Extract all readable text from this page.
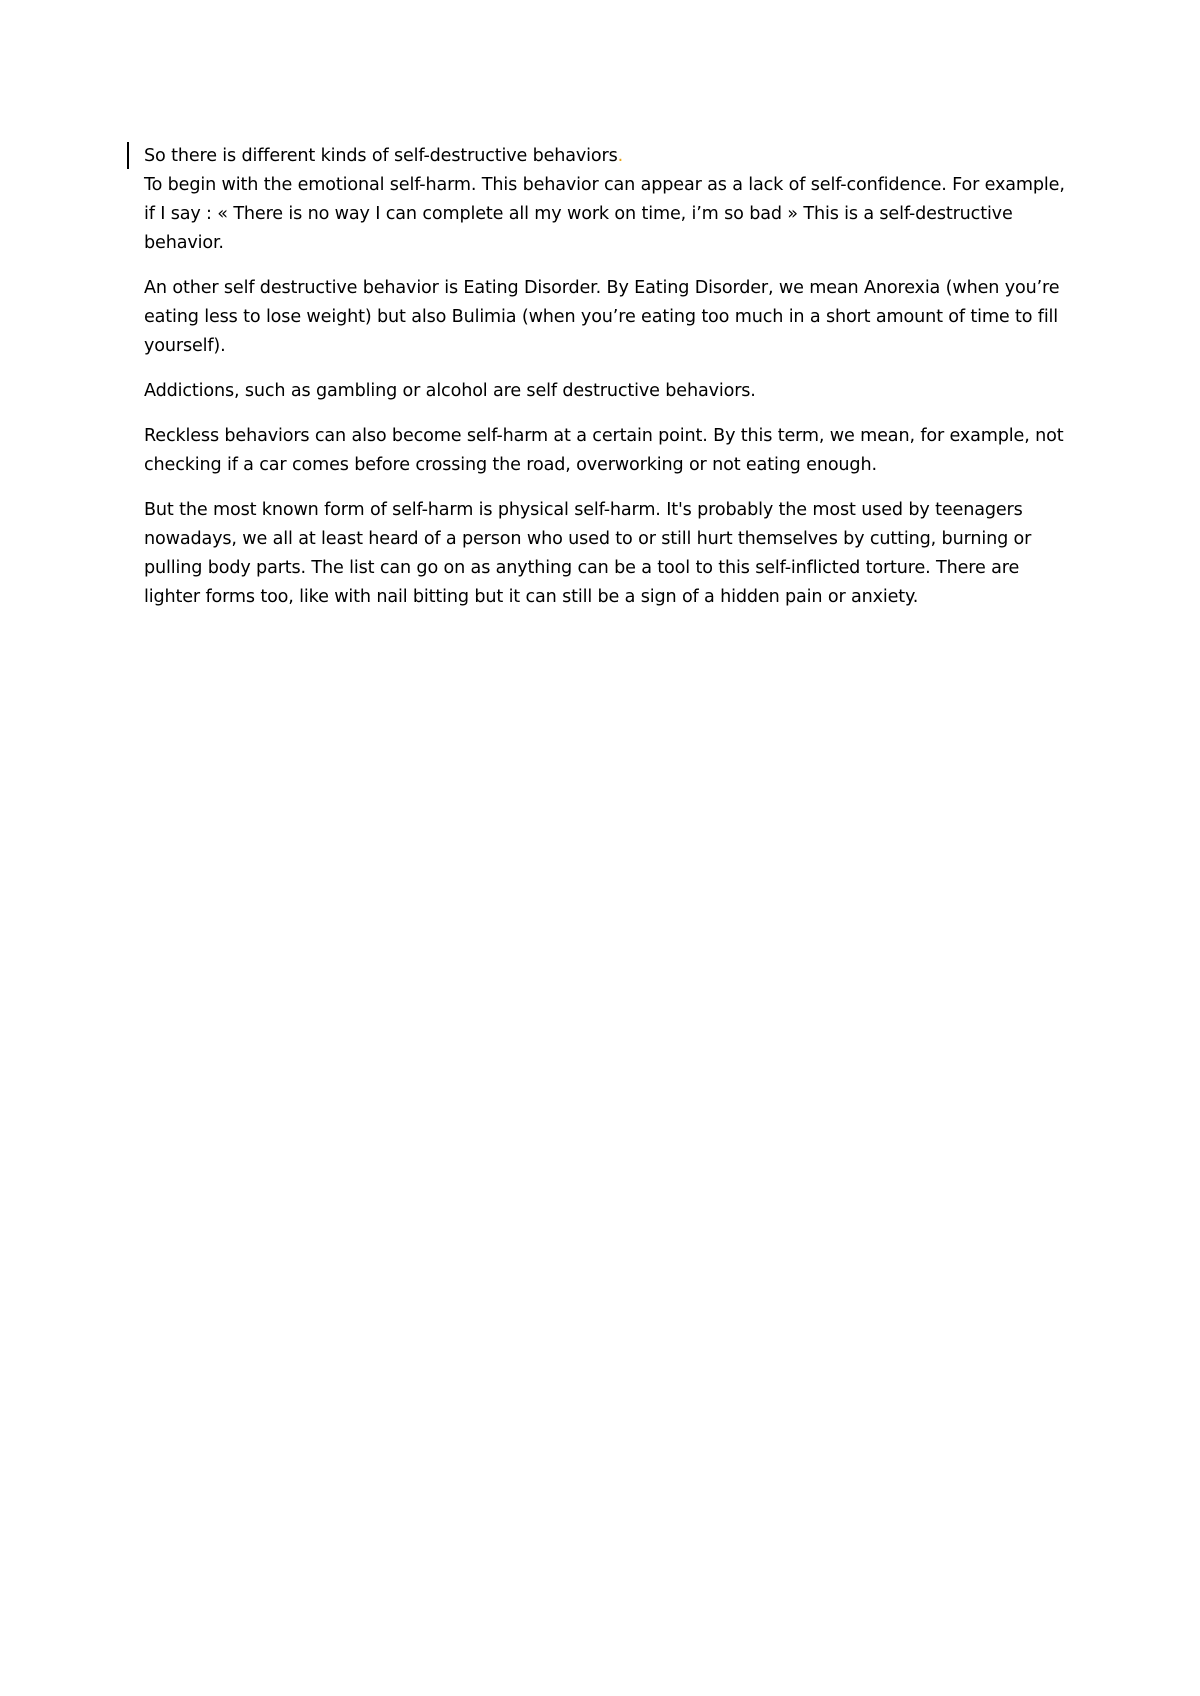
So there is different kinds of self-destructive behaviors.

To begin with the emotional self-harm. This behavior can appear as a lack of self-confidence. For example, if I say : « There is no way I can complete all my work on time, i’m so bad » This is a self-destructive behavior.

An other self destructive behavior is Eating Disorder. By Eating Disorder, we mean Anorexia (when you’re eating less to lose weight) but also Bulimia (when you’re eating too much in a short amount of time to fill yourself).

Addictions, such as gambling or alcohol are self destructive behaviors.

Reckless behaviors can also become self-harm at a certain point. By this term, we mean, for example, not checking if a car comes before crossing the road, overworking or not eating enough.

But the most known form of self-harm is physical self-harm. It's probably the most used by teenagers nowadays, we all at least heard of a person who used to or still hurt themselves by cutting, burning or pulling body parts. The list can go on as anything can be a tool to this self-inflicted torture. There are lighter forms too, like with nail bitting but it can still be a sign of a hidden pain or anxiety.
